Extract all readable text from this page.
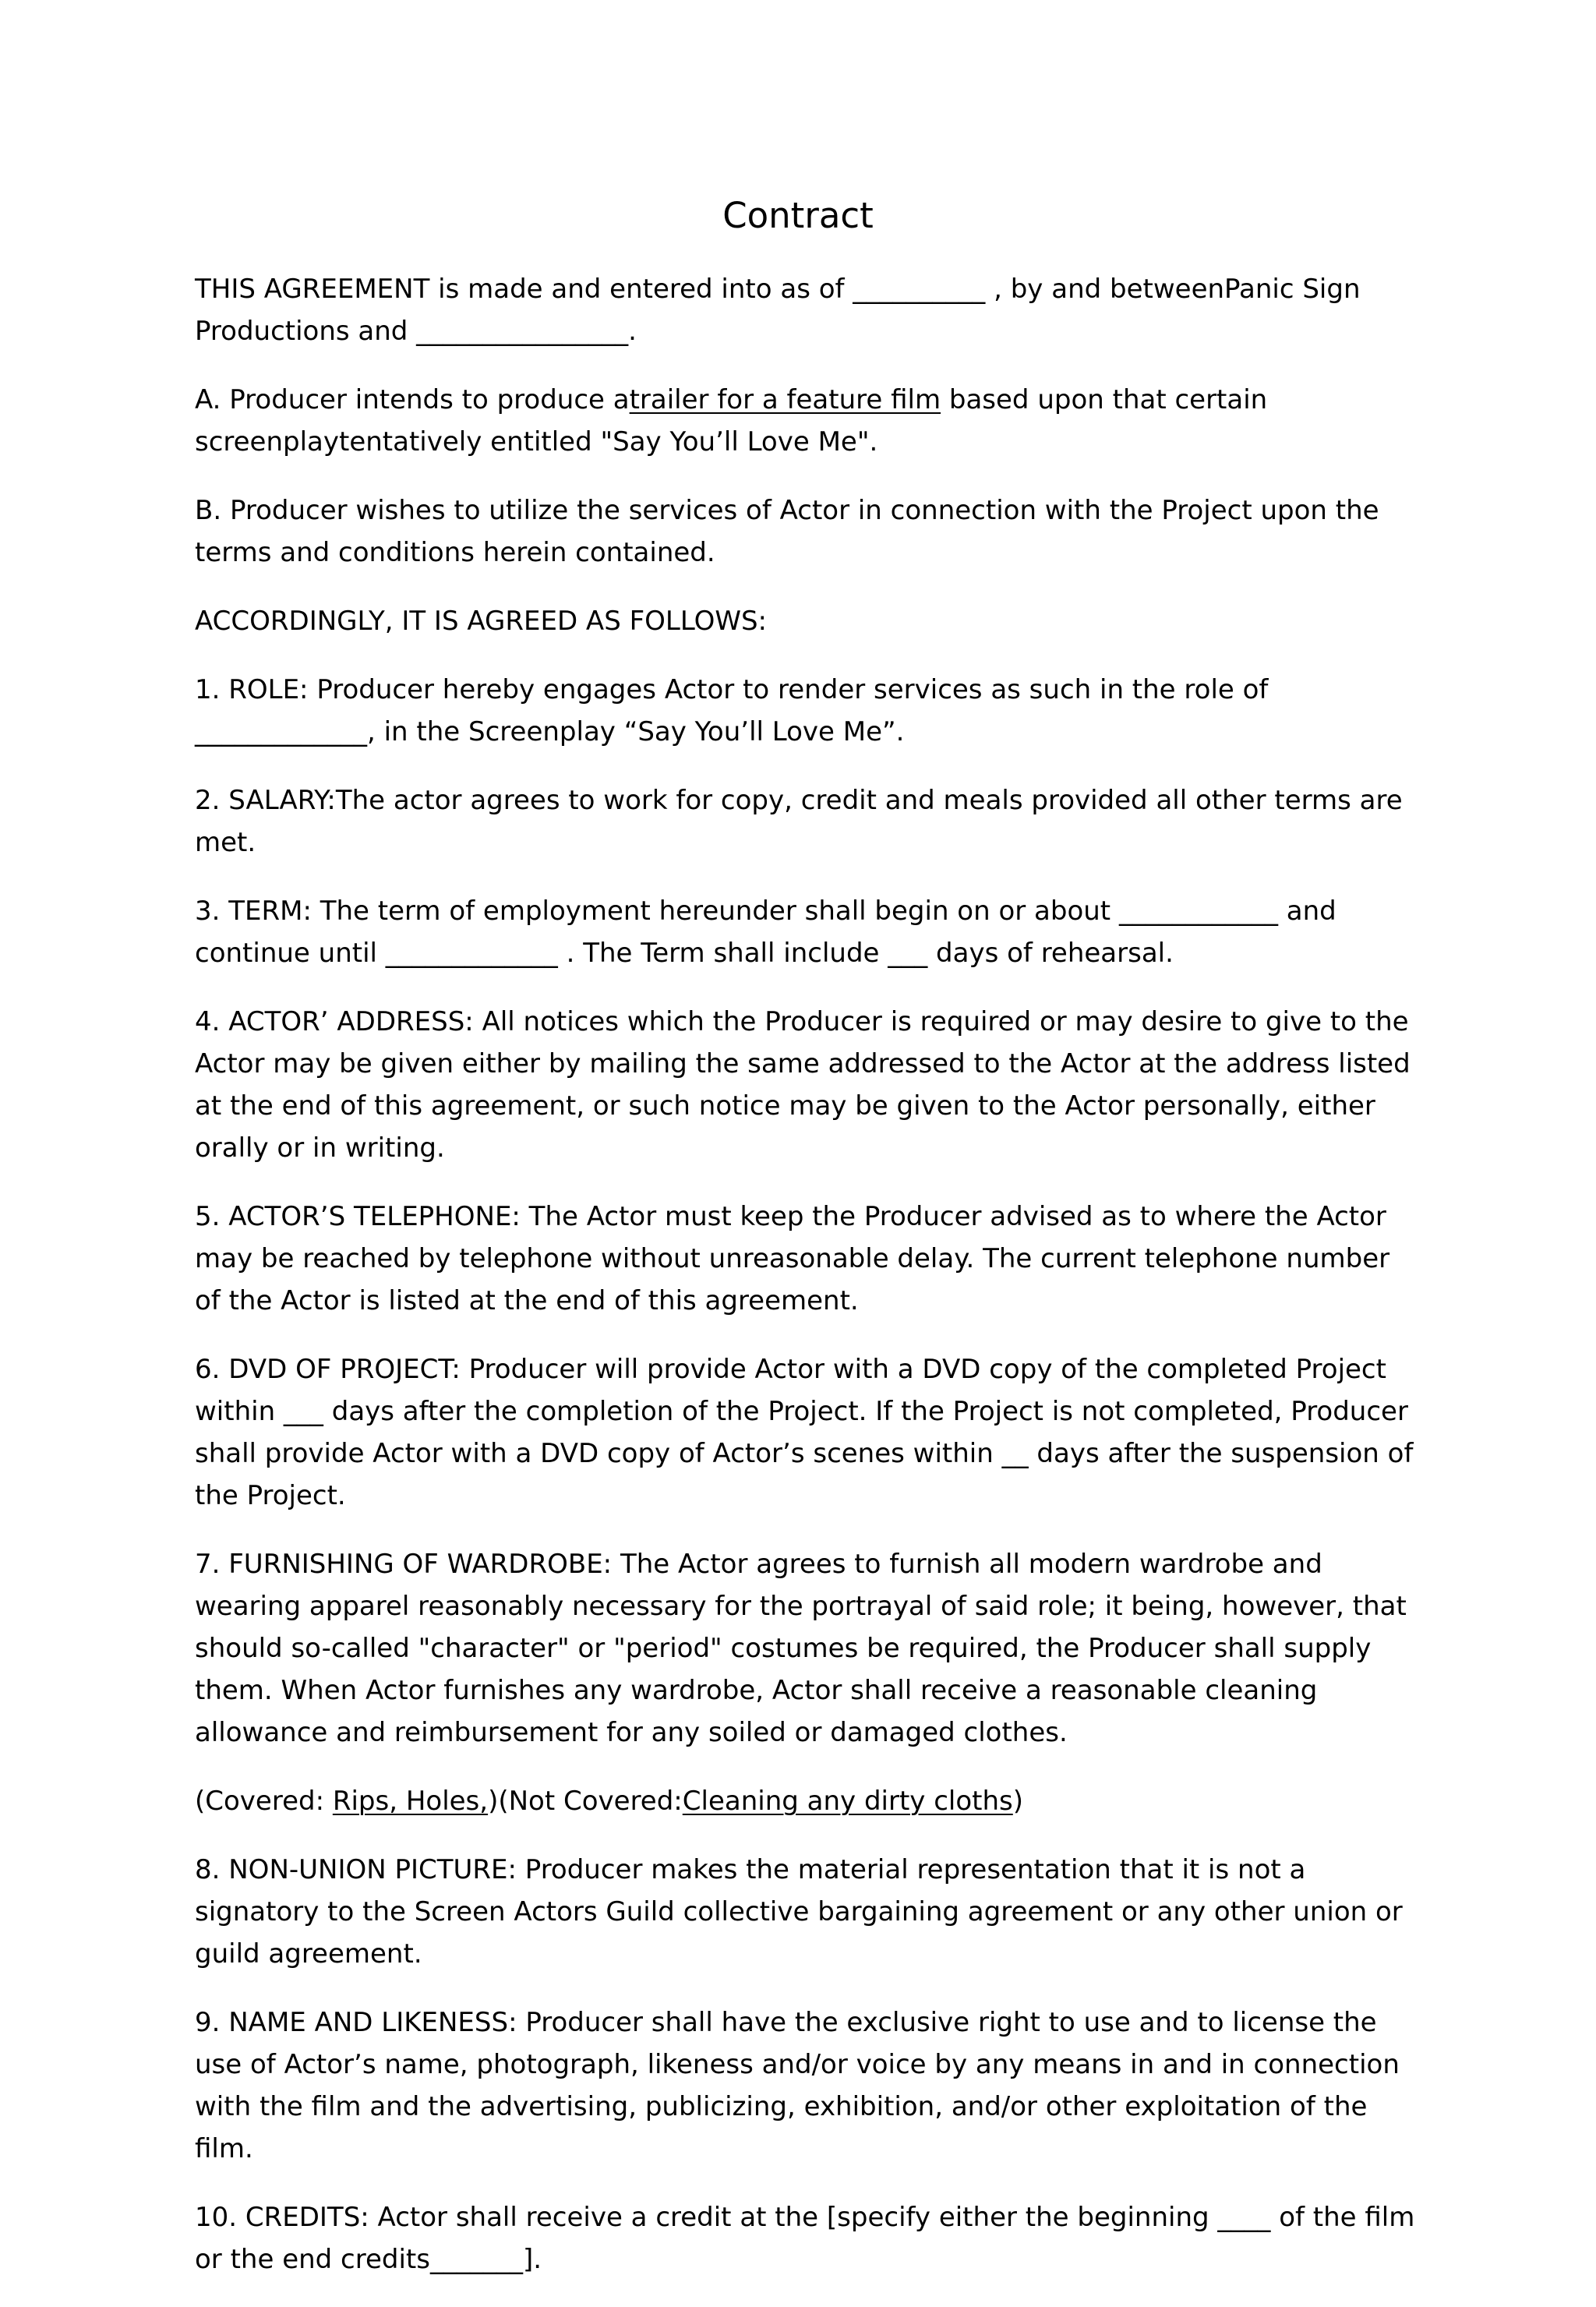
Contract

THIS AGREEMENT is made and entered into as of __________ , by and betweenPanic Sign Productions and ________________.

A. Producer intends to produce atrailer for a feature film based upon that certain screenplaytentatively entitled "Say You’ll Love Me".

B. Producer wishes to utilize the services of Actor in connection with the Project upon the terms and conditions herein contained.

ACCORDINGLY, IT IS AGREED AS FOLLOWS:

1. ROLE: Producer hereby engages Actor to render services as such in the role of _____________, in the Screenplay “Say You’ll Love Me”.

2. SALARY:The actor agrees to work for copy, credit and meals provided all other terms are met.

3. TERM: The term of employment hereunder shall begin on or about ____________ and continue until _____________ . The Term shall include ___ days of rehearsal.

4. ACTOR’ ADDRESS: All notices which the Producer is required or may desire to give to the Actor may be given either by mailing the same addressed to the Actor at the address listed at the end of this agreement, or such notice may be given to the Actor personally, either orally or in writing.

5. ACTOR’S TELEPHONE: The Actor must keep the Producer advised as to where the Actor may be reached by telephone without unreasonable delay. The current telephone number of the Actor is listed at the end of this agreement.

6. DVD OF PROJECT: Producer will provide Actor with a DVD copy of the completed Project within ___ days after the completion of the Project. If the Project is not completed, Producer shall provide Actor with a DVD copy of Actor’s scenes within __ days after the suspension of the Project.

7. FURNISHING OF WARDROBE: The Actor agrees to furnish all modern wardrobe and wearing apparel reasonably necessary for the portrayal of said role; it being, however, that should so-called "character" or "period" costumes be required, the Producer shall supply them. When Actor furnishes any wardrobe, Actor shall receive a reasonable cleaning allowance and reimbursement for any soiled or damaged clothes.

(Covered: Rips, Holes,)(Not Covered:Cleaning any dirty cloths)

8. NON-UNION PICTURE: Producer makes the material representation that it is not a signatory to the Screen Actors Guild collective bargaining agreement or any other union or guild agreement.

9. NAME AND LIKENESS: Producer shall have the exclusive right to use and to license the use of Actor’s name, photograph, likeness and/or voice by any means in and in connection with the film and the advertising, publicizing, exhibition, and/or other exploitation of the film.

10. CREDITS: Actor shall receive a credit at the [specify either the beginning ____ of the film or the end credits_______].
